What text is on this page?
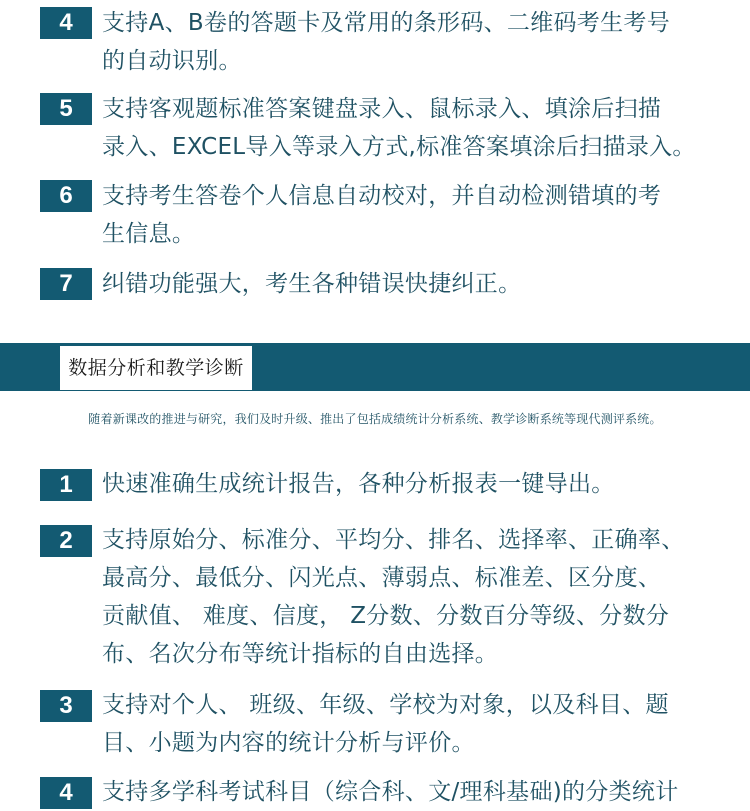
4	支持A、B卷的答题卡及常用的条形码、二维码考生考号
的自动识别。
5	支持客观题标准答案键盘录入、鼠标录入、填涂后扫描
录入、EXCEL导入等录入方式,标准答案填涂后扫描录入。
6	支持考生答卷个人信息自动校对，并自动检测错填的考
生信息。
7	纠错功能强大，考生各种错误快捷纠正。
数据分析和教学诊断
随着新课改的推进与研究，我们及时升级、推出了包括成绩统计分析系统、教学诊断系统等现代测评系统。
1	快速准确生成统计报告，各种分析报表一键导出。
2	支持原始分、标准分、平均分、排名、选择率、正确率、
最高分、最低分、闪光点、薄弱点、标准差、区分度、
贡献值、 难度、信度， Z分数、分数百分等级、分数分
布、名次分布等统计指标的自由选择。
3	支持对个人、 班级、年级、学校为对象，以及科目、题
目、小题为内容的统计分析与评价。
4	支持多学科考试科目（综合科、文/理科基础)的分类统计
